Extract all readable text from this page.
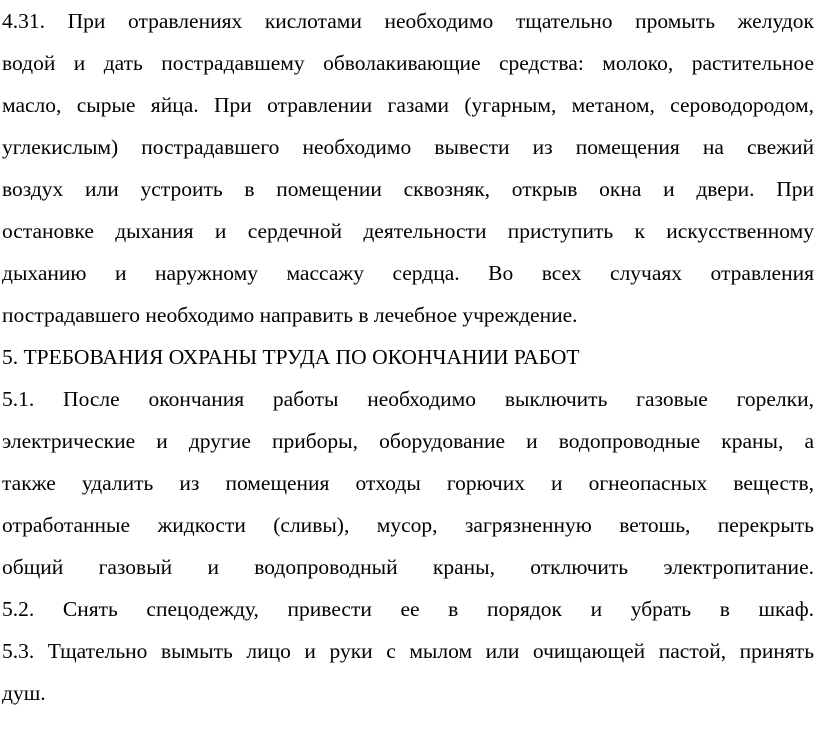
4.31. При отравлениях кислотами необходимо тщательно промыть желудок
водой и дать пострадавшему обволакивающие средства: молоко, растительное
масло, сырые яйца. При отравлении газами (угарным, метаном, сероводородом,
углекислым) пострадавшего необходимо вывести из помещения на свежий
воздух или устроить в помещении сквозняк, открыв окна и двери. При
остановке дыхания и сердечной деятельности приступить к искусственному
дыханию и наружному массажу сердца. Во всех случаях отравления
пострадавшего необходимо направить в лечебное учреждение.
5. ТРЕБОВАНИЯ ОХРАНЫ ТРУДА ПО ОКОНЧАНИИ РАБОТ
5.1. После окончания работы необходимо выключить газовые горелки,
электрические и другие приборы, оборудование и водопроводные краны, а
также удалить из помещения отходы горючих и огнеопасных веществ,
отработанные жидкости (сливы), мусор, загрязненную ветошь, перекрыть
общий газовый и водопроводный краны, отключить электропитание.
5.2. Снять спецодежду, привести ее в порядок и убрать в шкаф.
5.3. Тщательно вымыть лицо и руки с мылом или очищающей пастой, принять
душ.
